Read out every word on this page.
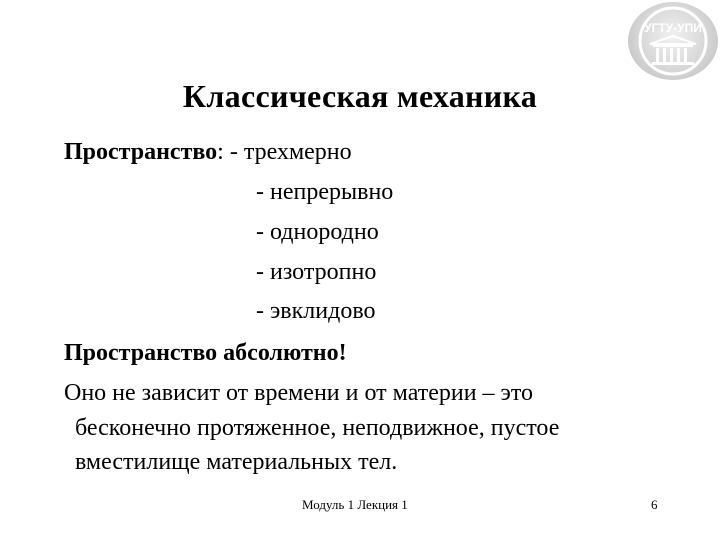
УГТУ-УПИ
Классическая механика
Пространство: - трехмерно
- непрерывно
- однородно
- изотропно
- эвклидово
Пространство абсолютно!
Оно не зависит от времени и от материи – это
бесконечно протяженное, неподвижное, пустое
вместилище материальных тел.
Модуль 1 Лекция 1	6
